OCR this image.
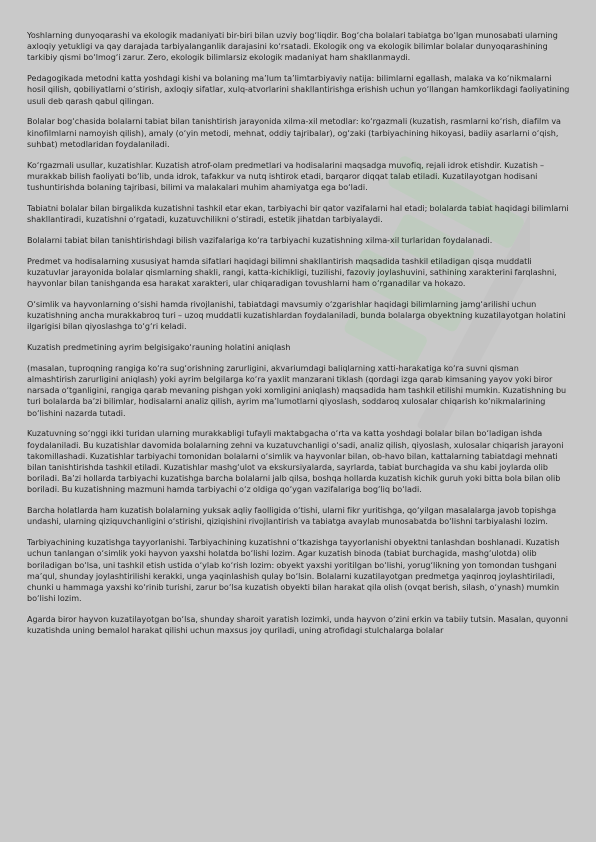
Yoshlarning dunyoqarashi va ekologik madaniyati bir-biri bilan uzviy bog‘liqdir. Bog‘cha bolalari tabiatga bo‘lgan munosabati ularning axloqiy yetukligi va qay darajada tarbiyalanganlik darajasini ko‘rsatadi. Ekologik ong va ekologik bilimlar bolalar dunyoqarashining tarkibiy qismi bo‘lmog‘i zarur. Zero, ekologik bilimlarsiz ekologik madaniyat ham shakllanmaydi.

Pedagogikada metodni katta yoshdagi kishi va bolaning ma’lum ta’limtarbiyaviy natija: bilimlarni egallash, malaka va ko‘nikmalarni hosil qilish, qobiliyatlarni o‘stirish, axloqiy sifatlar, xulq-atvorlarini shakllantirishga erishish uchun yo‘llangan hamkorlikdagi faoliyatining usuli deb qarash qabul qilingan.

Bolalar bog‘chasida bolalarni tabiat bilan tanishtirish jarayonida xilma-xil metodlar: ko‘rgazmali (kuzatish, rasmlarni ko‘rish, diafilm va kinofilmlarni namoyish qilish), amaly (o‘yin metodi, mehnat, oddiy tajribalar), og‘zaki (tarbiyachining hikoyasi, badiiy asarlarni o‘qish, suhbat) metodlaridan foydalaniladi.

Ko‘rgazmali usullar, kuzatishlar. Kuzatish atrof-olam predmetlari va hodisalarini maqsadga muvofiq, rejali idrok etishdir. Kuzatish – murakkab bilish faoliyati bo‘lib, unda idrok, tafakkur va nutq ishtirok etadi, barqaror diqqat talab etiladi. Kuzatilayotgan hodisani tushuntirishda bolaning tajribasi, bilimi va malakalari muhim ahamiyatga ega bo‘ladi.

Tabiatni bolalar bilan birgalikda kuzatishni tashkil etar ekan, tarbiyachi bir qator vazifalarni hal etadi; bolalarda tabiat haqidagi bilimlarni shakllantiradi, kuzatishni o‘rgatadi, kuzatuvchilikni o‘stiradi, estetik jihatdan tarbiyalaydi.

Bolalarni tabiat bilan tanishtirishdagi bilish vazifalariga ko‘ra tarbiyachi kuzatishning xilma-xil turlaridan foydalanadi.

Predmet va hodisalarning xususiyat hamda sifatlari haqidagi bilimni shakllantirish maqsadida tashkil etiladigan qisqa muddatli kuzatuvlar jarayonida bolalar qismlarning shakli, rangi, katta-kichikligi, tuzilishi, fazoviy joylashuvini, sathining xarakterini farqlashni, hayvonlar bilan tanishganda esa harakat xarakteri, ular chiqaradigan tovushlarni ham o‘rganadilar va hokazo.

O‘simlik va hayvonlarning o‘sishi hamda rivojlanishi, tabiatdagi mavsumiy o‘zgarishlar haqidagi bilimlarning jamg‘arilishi uchun kuzatishning ancha murakkabroq turi – uzoq muddatli kuzatishlardan foydalaniladi, bunda bolalarga obyektning kuzatilayotgan holatini ilgarigisi bilan qiyoslashga to‘g‘ri keladi.

Kuzatish predmetining ayrim belgisigako‘rauning holatini aniqlash

(masalan, tuproqning rangiga ko‘ra sug‘orishning zarurligini, akvariumdagi baliqlarning xatti-harakatiga ko‘ra suvni qisman almashtirish zarurligini aniqlash) yoki ayrim belgilarga ko‘ra yaxlit manzarani tiklash (qordagi izga qarab kimsaning yayov yoki biror narsada o‘tganligini, rangiga qarab mevaning pishgan yoki xomligini aniqlash) maqsadida ham tashkil etilishi mumkin. Kuzatishning bu turi bolalarda ba’zi bilimlar, hodisalarni analiz qilish, ayrim ma’lumotlarni qiyoslash, soddaroq xulosalar chiqarish ko‘nikmalarining bo‘lishini nazarda tutadi.

Kuzatuvning so‘nggi ikki turidan ularning murakkabligi tufayli maktabgacha o‘rta va katta yoshdagi bolalar bilan bo‘ladigan ishda foydalaniladi. Bu kuzatishlar davomida bolalarning zehni va kuzatuvchanligi o‘sadi, analiz qilish, qiyoslash, xulosalar chiqarish jarayoni takomillashadi. Kuzatishlar tarbiyachi tomonidan bolalarni o‘simlik va hayvonlar bilan, ob-havo bilan, kattalarning tabiatdagi mehnati bilan tanishtirishda tashkil etiladi. Kuzatishlar mashg‘ulot va ekskursiyalarda, sayrlarda, tabiat burchagida va shu kabi joylarda olib boriladi. Ba’zi hollarda tarbiyachi kuzatishga barcha bolalarni jalb qilsa, boshqa hollarda kuzatish kichik guruh yoki bitta bola bilan olib boriladi. Bu kuzatishning mazmuni hamda tarbiyachi o‘z oldiga qo‘ygan vazifalariga bog‘liq bo‘ladi.

Barcha holatlarda ham kuzatish bolalarning yuksak aqliy faolligida o‘tishi, ularni fikr yuritishga, qo‘yilgan masalalarga javob topishga undashi, ularning qiziquvchanligini o‘stirishi, qiziqishini rivojlantirish va tabiatga avaylab munosabatda bo‘lishni tarbiyalashi lozim.

Tarbiyachining kuzatishga tayyorlanishi. Tarbiyachining kuzatishni o‘tkazishga tayyorlanishi obyektni tanlashdan boshlanadi. Kuzatish uchun tanlangan o‘simlik yoki hayvon yaxshi holatda bo‘lishi lozim. Agar kuzatish binoda (tabiat burchagida, mashg‘ulotda) olib boriladigan bo‘lsa, uni tashkil etish ustida o‘ylab ko‘rish lozim: obyekt yaxshi yoritilgan bo‘lishi, yorug‘likning yon tomondan tushgani ma’qul, shunday joylashtirilishi kerakki, unga yaqinlashish qulay bo‘lsin. Bolalarni kuzatilayotgan predmetga yaqinroq joylashtiriladi, chunki u hammaga yaxshi ko‘rinib turishi, zarur bo‘lsa kuzatish obyekti bilan harakat qila olish (ovqat berish, silash, o‘ynash) mumkin bo‘lishi lozim.

Agarda biror hayvon kuzatilayotgan bo‘lsa, shunday sharoit yaratish lozimki, unda hayvon o‘zini erkin va tabiiy tutsin. Masalan, quyonni kuzatishda uning bemalol harakat qilishi uchun maxsus joy quriladi, uning atrofidagi stulchalarga bolalar
